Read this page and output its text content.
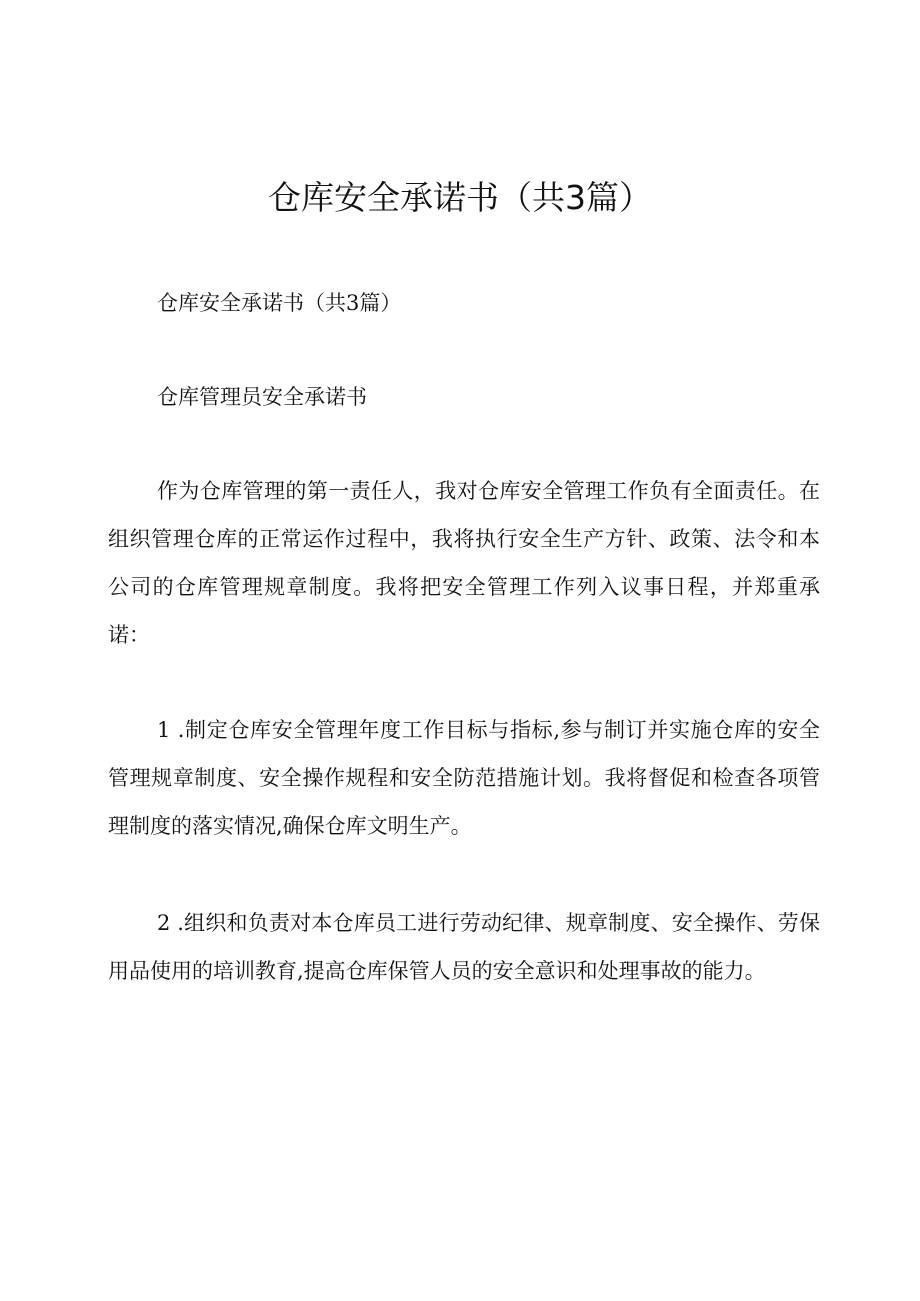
仓库安全承诺书（共3篇）

仓库安全承诺书（共3篇）

仓库管理员安全承诺书

作为仓库管理的第一责任人，我对仓库安全管理工作负有全面责任。在组织管理仓库的正常运作过程中，我将执行安全生产方针、政策、法令和本公司的仓库管理规章制度。我将把安全管理工作列入议事日程，并郑重承诺：

1 .制定仓库安全管理年度工作目标与指标,参与制订并实施仓库的安全管理规章制度、安全操作规程和安全防范措施计划。我将督促和检查各项管理制度的落实情况,确保仓库文明生产。

2 .组织和负责对本仓库员工进行劳动纪律、规章制度、安全操作、劳保用品使用的培训教育,提高仓库保管人员的安全意识和处理事故的能力。
